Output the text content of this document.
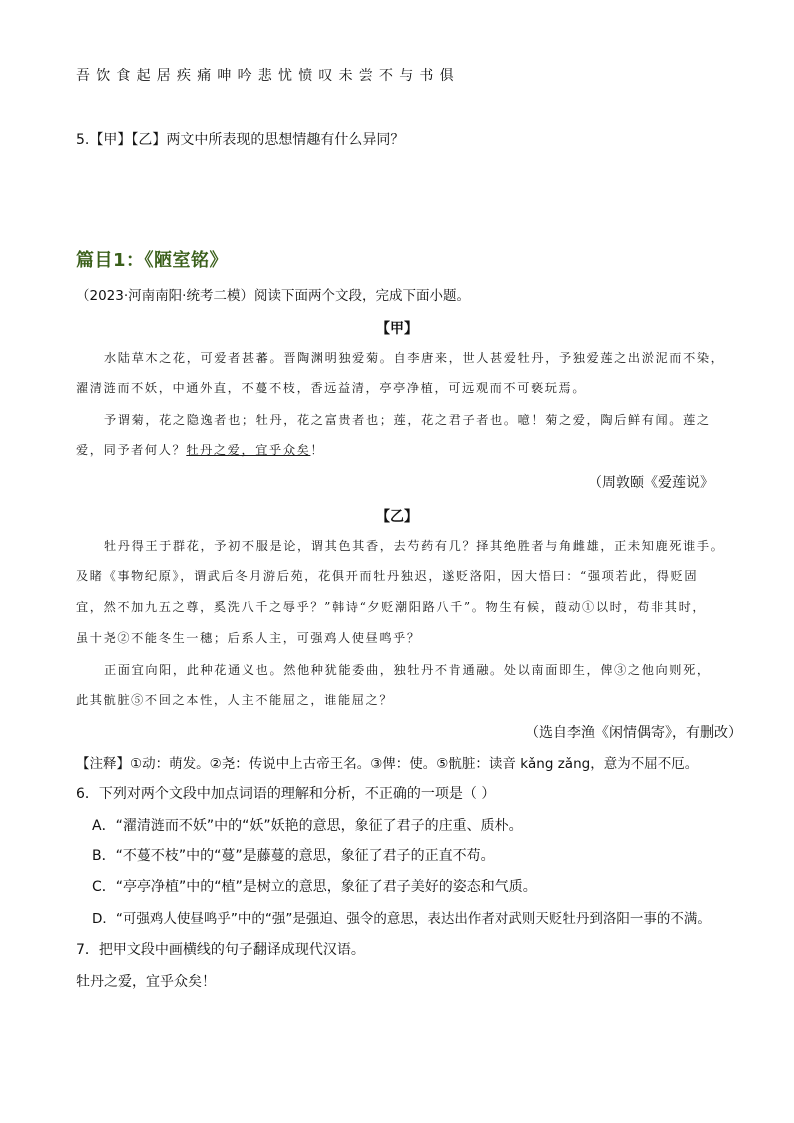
吾饮食起居疾痛呻吟悲忧愤叹未尝不与书俱
5.【甲】【乙】两文中所表现的思想情趣有什么异同？
篇目1：《陋室铭》
（2023·河南南阳·统考二模）阅读下面两个文段，完成下面小题。
【甲】
水陆草木之花，可爱者甚蕃。晋陶渊明独爱菊。自李唐来，世人甚爱牡丹，予独爱莲之出淤泥而不染，
濯清涟而不妖，中通外直，不蔓不枝，香远益清，亭亭净植，可远观而不可亵玩焉。
予谓菊，花之隐逸者也；牡丹，花之富贵者也；莲，花之君子者也。噫！菊之爱，陶后鲜有闻。莲之
爱，同予者何人？牡丹之爱，宜乎众矣！
（周敦颐《爱莲说》
【乙】
牡丹得王于群花，予初不服是论，谓其色其香，去芍药有几？择其绝胜者与角雌雄，正未知鹿死谁手。
及睹《事物纪原》，谓武后冬月游后苑，花俱开而牡丹独迟，遂贬洛阳，因大悟曰：“强项若此，得贬固
宜，然不加九五之尊，奚洗八千之辱乎？”韩诗“夕贬潮阳路八千”。物生有候，葭动①以时，苟非其时，
虽十尧②不能冬生一穗；后系人主，可强鸡人使昼鸣乎？
正面宜向阳，此种花通义也。然他种犹能委曲，独牡丹不肯通融。处以南面即生，俾③之他向则死，
此其骯脏⑤不回之本性，人主不能屈之，谁能屈之？
（选自李渔《闲情偶寄》，有删改）
【注释】①动：萌发。②尧：传说中上古帝王名。③俾：使。⑤骯脏：读音 kǎng zǎng，意为不屈不厄。
6．下列对两个文段中加点词语的理解和分析，不正确的一项是（ ）
A．“濯清涟而不妖”中的“妖”妖艳的意思，象征了君子的庄重、质朴。
B．“不蔓不枝”中的“蔓”是藤蔓的意思，象征了君子的正直不苟。
C．“亭亭净植”中的“植”是树立的意思，象征了君子美好的姿态和气质。
D．“可强鸡人使昼鸣乎”中的“强”是强迫、强令的意思，表达出作者对武则天贬牡丹到洛阳一事的不满。
7．把甲文段中画横线的句子翻译成现代汉语。
牡丹之爱，宜乎众矣！
